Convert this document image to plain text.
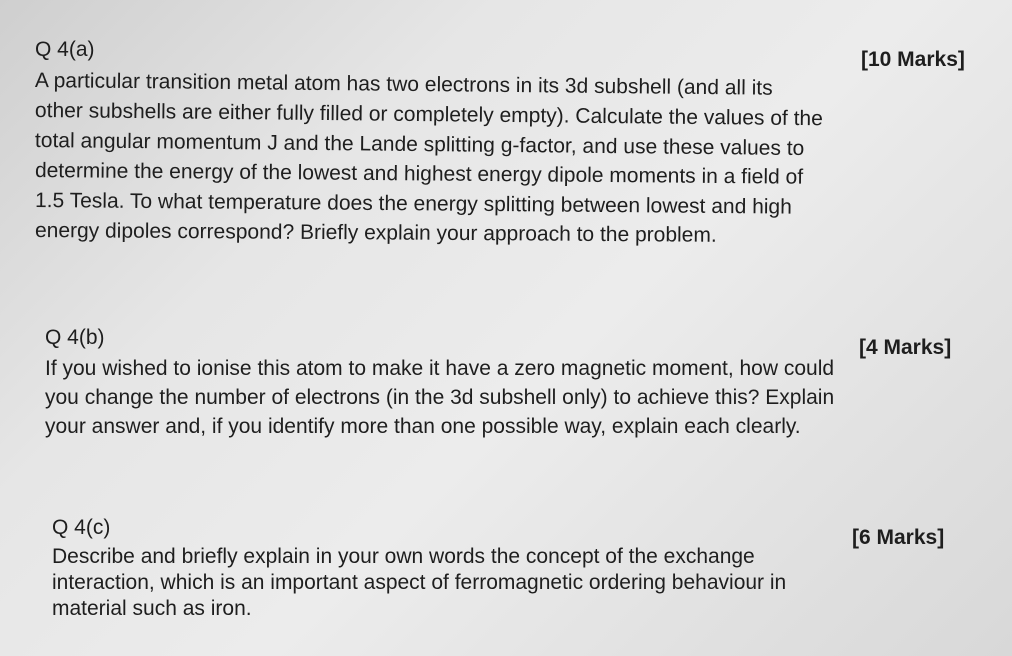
Q 4(a)	[10 Marks]
A particular transition metal atom has two electrons in its 3d subshell (and all its
other subshells are either fully filled or completely empty). Calculate the values of the
total angular momentum J and the Lande splitting g-factor, and use these values to
determine the energy of the lowest and highest energy dipole moments in a field of
1.5 Tesla. To what temperature does the energy splitting between lowest and high
energy dipoles correspond? Briefly explain your approach to the problem.
Q 4(b)	[4 Marks]
If you wished to ionise this atom to make it have a zero magnetic moment, how could
you change the number of electrons (in the 3d subshell only) to achieve this? Explain
your answer and, if you identify more than one possible way, explain each clearly.
Q 4(c)	[6 Marks]
Describe and briefly explain in your own words the concept of the exchange
interaction, which is an important aspect of ferromagnetic ordering behaviour in
material such as iron.
